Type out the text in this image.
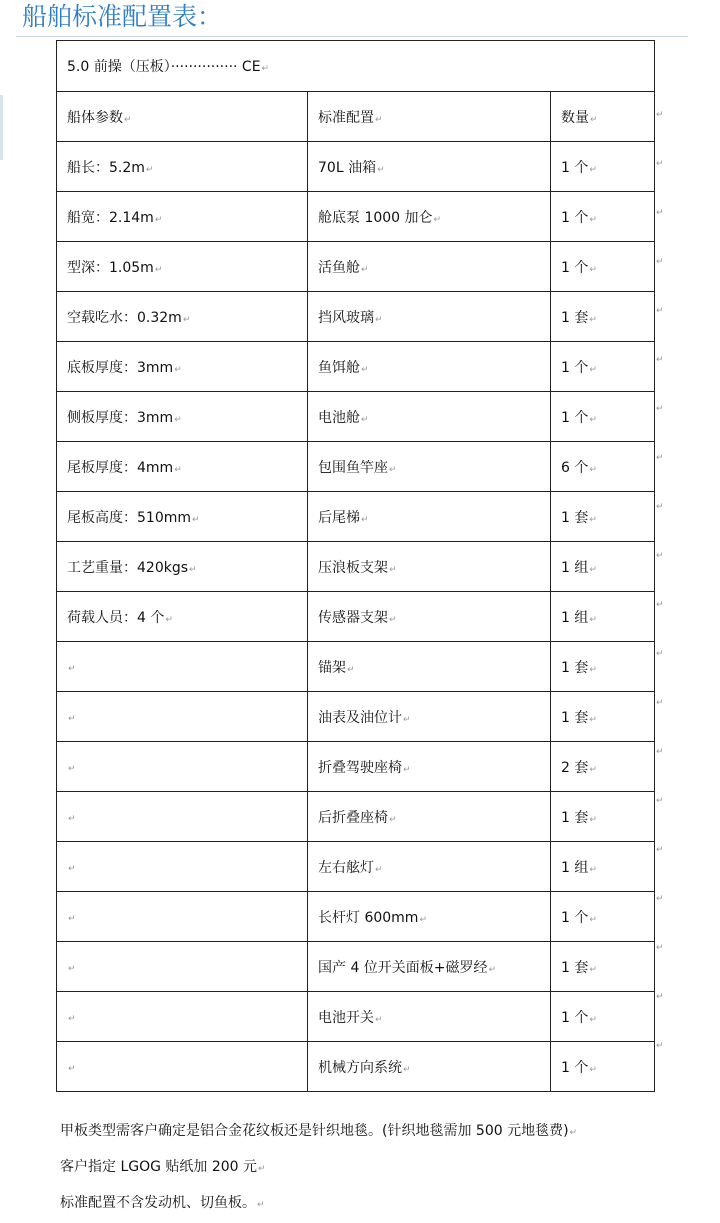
船舶标准配置表：
5.0 前操（压板）··············· CE↵		
船体参数↵	标准配置↵	数量↵
船长：5.2m↵	70L 油箱↵	1 个↵
船宽：2.14m↵	舱底泵 1000 加仑↵	1 个↵
型深：1.05m↵	活鱼舱↵	1 个↵
空载吃水：0.32m↵	挡风玻璃↵	1 套↵
底板厚度：3mm↵	鱼饵舱↵	1 个↵
侧板厚度：3mm↵	电池舱↵	1 个↵
尾板厚度：4mm↵	包围鱼竿座↵	6 个↵
尾板高度：510mm↵	后尾梯↵	1 套↵
工艺重量：420kgs↵	压浪板支架↵	1 组↵
荷载人员：4 个↵	传感器支架↵	1 组↵
↵	锚架↵	1 套↵
↵	油表及油位计↵	1 套↵
↵	折叠驾驶座椅↵	2 套↵
↵	后折叠座椅↵	1 套↵
↵	左右舷灯↵	1 组↵
↵	长杆灯 600mm↵	1 个↵
↵	国产 4 位开关面板+磁罗经↵	1 套↵
↵	电池开关↵	1 个↵
↵	机械方向系统↵	1 个↵
↵
↵
↵
↵
↵
↵
↵
↵
↵
↵
↵
↵
↵
↵
↵
↵
↵
↵
↵
↵
甲板类型需客户确定是铝合金花纹板还是针织地毯。(针织地毯需加 500 元地毯费)↵
客户指定 LGOG 贴纸加 200 元↵
标准配置不含发动机、切鱼板。↵
